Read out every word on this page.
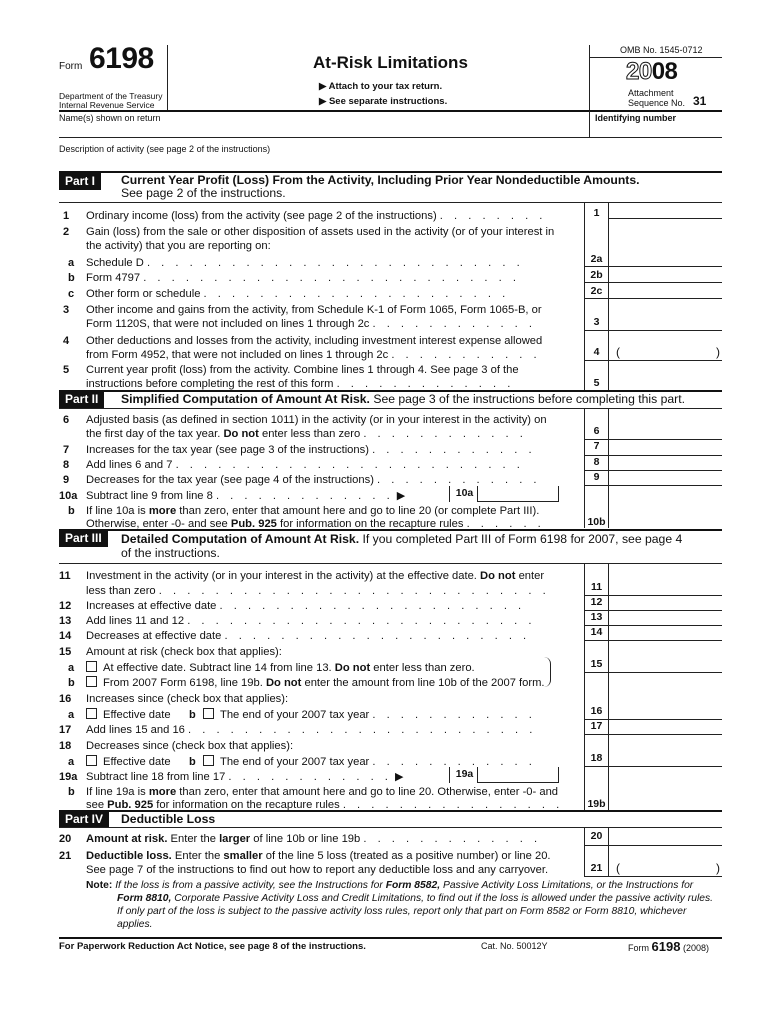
Form 6198
Department of the Treasury
Internal Revenue Service
At-Risk Limitations
▶ Attach to your tax return.
▶ See separate instructions.
OMB No. 1545-0712
2008
Attachment
Sequence No. 31
Name(s) shown on return	Identifying number
Description of activity (see page 2 of the instructions)
Part I	Current Year Profit (Loss) From the Activity, Including Prior Year Nondeductible Amounts.
See page 2 of the instructions.
1 Ordinary income (loss) from the activity (see page 2 of the instructions) . . . . . . . .	1
2 Gain (loss) from the sale or other disposition of assets used in the activity (or of your interest in
the activity) that you are reporting on:
a Schedule D . . . . . . . . . . . . . . . . . . . . . . . . . . .	2a
b Form 4797 . . . . . . . . . . . . . . . . . . . . . . . . . . .	2b
c Other form or schedule . . . . . . . . . . . . . . . . . . . . . .	2c
3 Other income and gains from the activity, from Schedule K-1 of Form 1065, Form 1065-B, or
Form 1120S, that were not included on lines 1 through 2c . . . . . . . . . . . .	3
4 Other deductions and losses from the activity, including investment interest expense allowed
from Form 4952, that were not included on lines 1 through 2c . . . . . . . . . . .	4	(	)
5 Current year profit (loss) from the activity. Combine lines 1 through 4. See page 3 of the
instructions before completing the rest of this form . . . . . . . . . . . . .	5
Part II	Simplified Computation of Amount At Risk. See page 3 of the instructions before completing this part.
6 Adjusted basis (as defined in section 1011) in the activity (or in your interest in the activity) on
the first day of the tax year. Do not enter less than zero . . . . . . . . . . . .	6
7 Increases for the tax year (see page 3 of the instructions) . . . . . . . . . . . .	7
8 Add lines 6 and 7 . . . . . . . . . . . . . . . . . . . . . . . . .	8
9 Decreases for the tax year (see page 4 of the instructions) . . . . . . . . . . . .	9
10a Subtract line 9 from line 8 . . . . . . . . . . . . . ▶	10a
b If line 10a is more than zero, enter that amount here and go to line 20 (or complete Part III).
Otherwise, enter -0- and see Pub. 925 for information on the recapture rules . . . . . .	10b
Part III	Detailed Computation of Amount At Risk. If you completed Part III of Form 6198 for 2007, see page 4
of the instructions.
11 Investment in the activity (or in your interest in the activity) at the effective date. Do not enter
less than zero . . . . . . . . . . . . . . . . . . . . . . . . . . . .	11
12 Increases at effective date . . . . . . . . . . . . . . . . . . . . . .	12
13 Add lines 11 and 12 . . . . . . . . . . . . . . . . . . . . . . . . .	13
14 Decreases at effective date . . . . . . . . . . . . . . . . . . . . . .	14
15 Amount at risk (check box that applies):
a	At effective date. Subtract line 14 from line 13. Do not enter less than zero.
b	From 2007 Form 6198, line 19b. Do not enter the amount from line 10b of the 2007 form.
15
16 Increases since (check box that applies):
a	Effective date b	The end of your 2007 tax year . . . . . . . . . . . .	16
17 Add lines 15 and 16 . . . . . . . . . . . . . . . . . . . . . . . . .	17
18 Decreases since (check box that applies):
a	Effective date b	The end of your 2007 tax year . . . . . . . . . . . .	18
19a Subtract line 18 from line 17 . . . . . . . . . . . . ▶	19a
b If line 19a is more than zero, enter that amount here and go to line 20. Otherwise, enter -0- and
see Pub. 925 for information on the recapture rules . . . . . . . . . . . . . . . . 19b
Part IV	Deductible Loss
20 Amount at risk. Enter the larger of line 10b or line 19b . . . . . . . . . . . . .	20
21 Deductible loss. Enter the smaller of the line 5 loss (treated as a positive number) or line 20.
See page 7 of the instructions to find out how to report any deductible loss and any carryover.	21	(	)
Note: If the loss is from a passive activity, see the Instructions for Form 8582, Passive Activity Loss Limitations, or the Instructions for
Form 8810, Corporate Passive Activity Loss and Credit Limitations, to find out if the loss is allowed under the passive activity rules.
If only part of the loss is subject to the passive activity loss rules, report only that part on Form 8582 or Form 8810, whichever
applies.
For Paperwork Reduction Act Notice, see page 8 of the instructions.	Cat. No. 50012Y	Form 6198 (2008)
